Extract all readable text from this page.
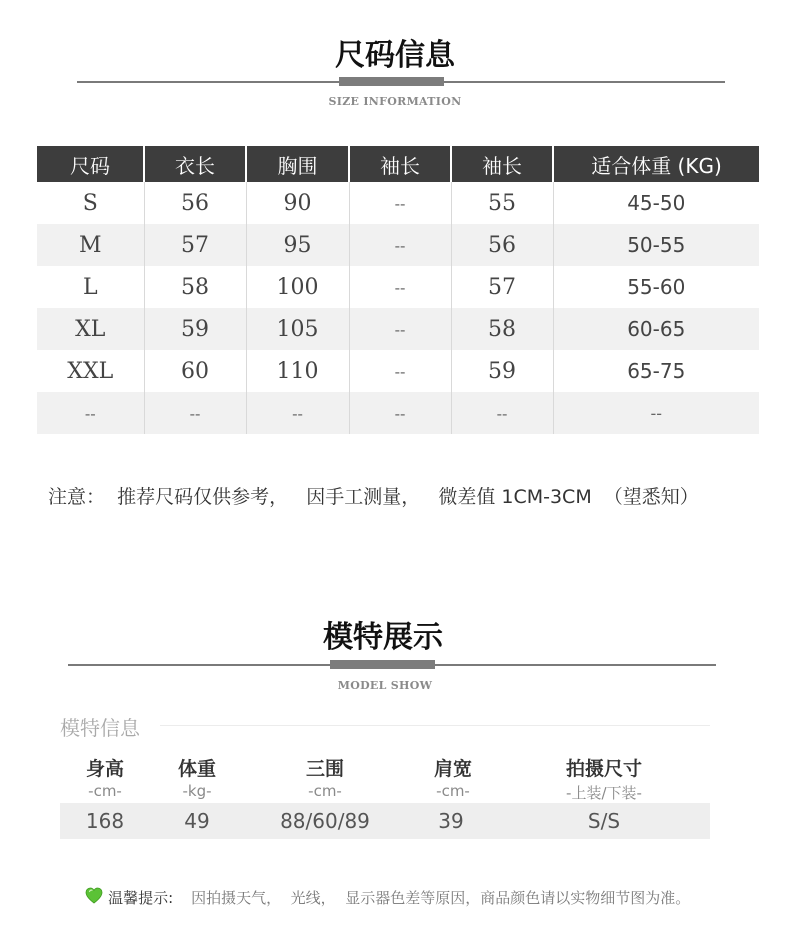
尺码信息
SIZE INFORMATION
尺码	衣长	胸围	袖长	袖长	适合体重 (KG)
S	56	90	--	55	45-50
M	57	95	--	56	50-55
L	58	100	--	57	55-60
XL	59	105	--	58	60-65
XXL	60	110	--	59	65-75
--	--	--	--	--	--
注意：  推荐尺码仅供参考，   因手工测量，   微差值 1CM-3CM  （望悉知）
模特展示
MODEL SHOW
模特信息
身高	体重	三围	肩宽	拍摄尺寸
-cm-	-kg-	-cm-	-cm-	-上装/下装-
168	49	88/60/89	39	S/S

温馨提示: 因拍摄天气，  光线，  显示器色差等原因，商品颜色请以实物细节图为准。
